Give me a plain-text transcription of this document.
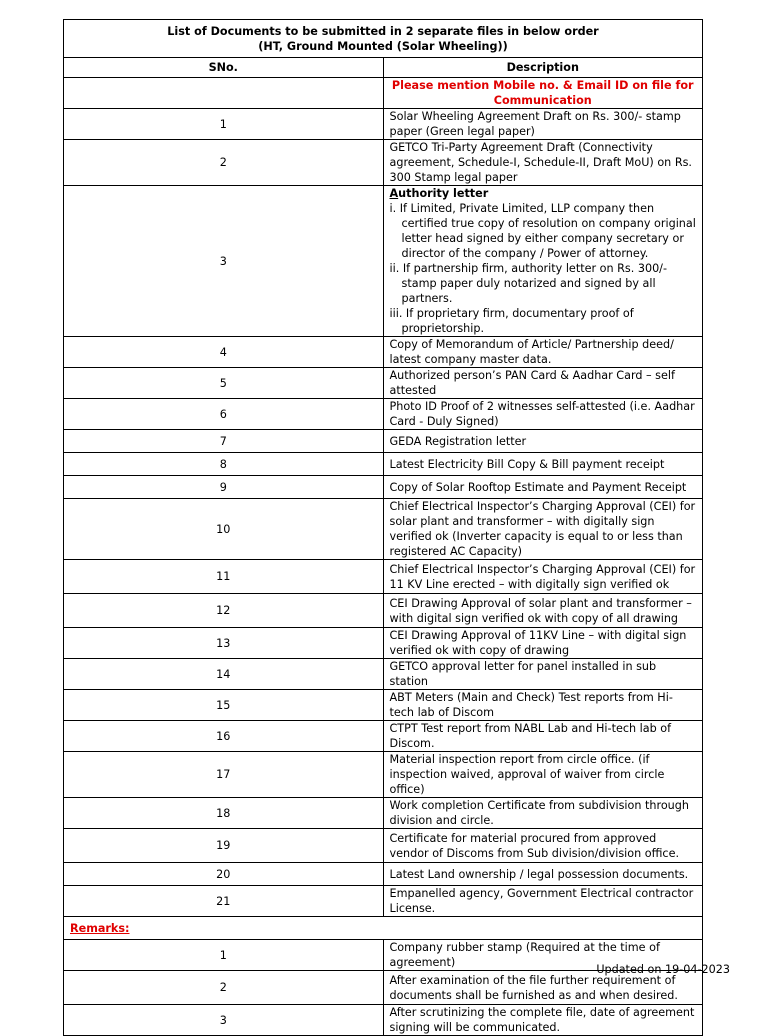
List of Documents to be submitted in 2 separate files in below order
(HT, Ground Mounted (Solar Wheeling))	

SNo.	Description
	Please mention Mobile no. & Email ID on file for Communication
1	Solar Wheeling Agreement Draft on Rs. 300/- stamp paper (Green legal paper)
2	GETCO Tri-Party Agreement Draft (Connectivity agreement, Schedule-I, Schedule-II, Draft MoU) on Rs. 300 Stamp legal paper
3	Authority letter
i. If Limited, Private Limited, LLP company then certified true copy of resolution on company original letter head signed by either company secretary or director of the company / Power of attorney.
ii. If partnership firm, authority letter on Rs. 300/- stamp paper duly notarized and signed by all partners.
iii. If proprietary firm, documentary proof of proprietorship.

4	Copy of Memorandum of Article/ Partnership deed/ latest company master data.
5	Authorized person’s PAN Card & Aadhar Card – self attested
6	Photo ID Proof of 2 witnesses self-attested (i.e. Aadhar Card - Duly Signed)
7	GEDA Registration letter
8	Latest Electricity Bill Copy & Bill payment receipt
9	Copy of Solar Rooftop Estimate and Payment Receipt
10	Chief Electrical Inspector’s Charging Approval (CEI) for solar plant and transformer – with digitally sign verified ok (Inverter capacity is equal to or less than registered AC Capacity)
11	Chief Electrical Inspector’s Charging Approval (CEI) for 11 KV Line erected – with digitally sign verified ok
12	CEI Drawing Approval of solar plant and transformer – with digital sign verified ok with copy of all drawing
13	CEI Drawing Approval of 11KV Line – with digital sign verified ok with copy of drawing
14	GETCO approval letter for panel installed in sub station
15	ABT Meters (Main and Check) Test reports from Hi-tech lab of Discom
16	CTPT Test report from NABL Lab and Hi-tech lab of Discom.
17	Material inspection report from circle office. (if inspection waived, approval of waiver from circle office)
18	Work completion Certificate from subdivision through division and circle.
19	Certificate for material procured from approved vendor of Discoms from Sub division/division office.
20	Latest Land ownership / legal possession documents.
21	Empanelled agency, Government Electrical contractor License.
Remarks:	
1	Company rubber stamp (Required at the time of agreement)
2	After examination of the file further requirement of documents shall be furnished as and when desired.
3	After scrutinizing the complete file, date of agreement signing will be communicated.
Updated on 19-04-2023
